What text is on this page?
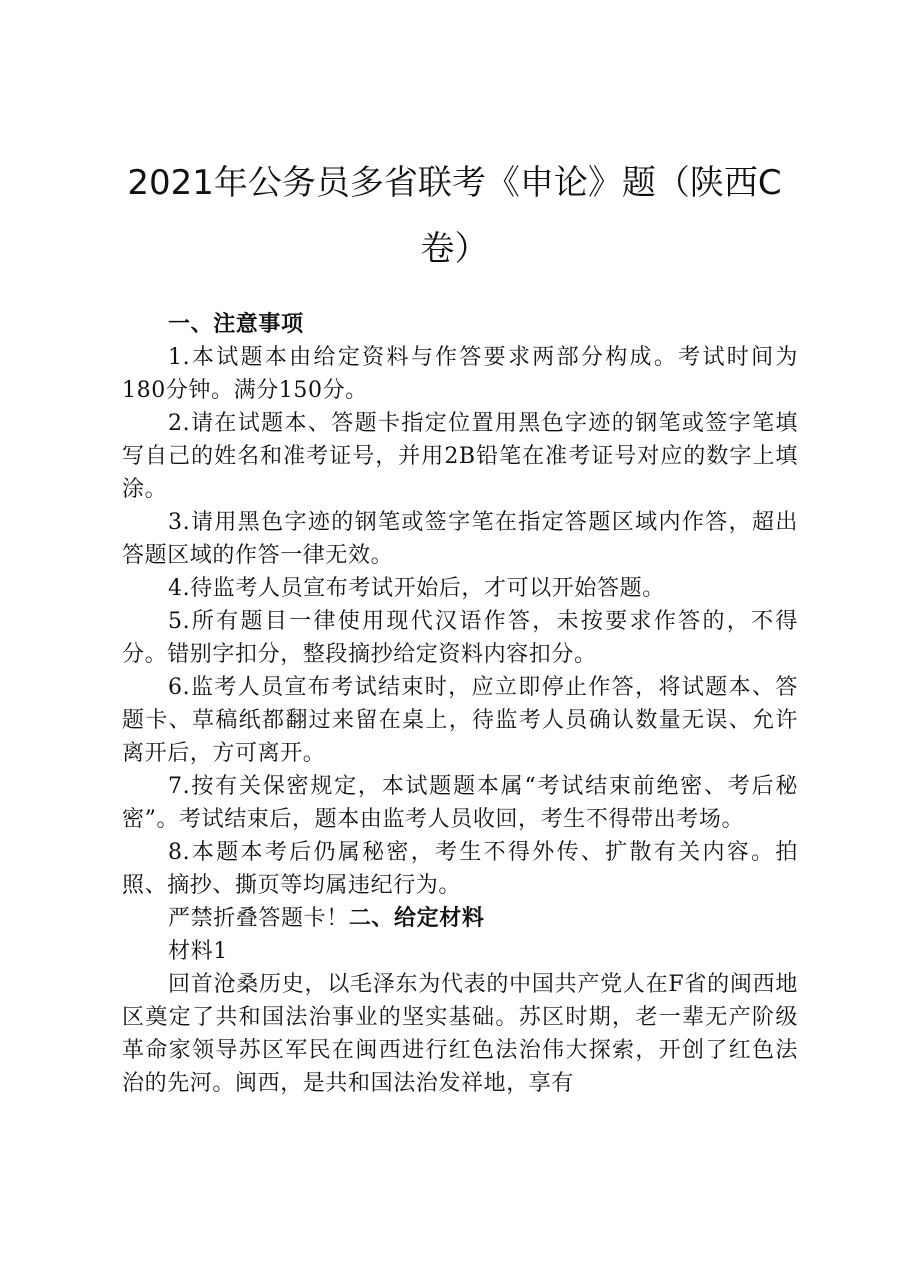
2021年公务员多省联考《申论》题（陕西C
卷）

一、注意事项

1.本试题本由给定资料与作答要求两部分构成。考试时间为180分钟。满分150分。

2.请在试题本、答题卡指定位置用黑色字迹的钢笔或签字笔填写自己的姓名和准考证号，并用2B铅笔在准考证号对应的数字上填涂。

3.请用黑色字迹的钢笔或签字笔在指定答题区域内作答，超出答题区域的作答一律无效。

4.待监考人员宣布考试开始后，才可以开始答题。

5.所有题目一律使用现代汉语作答，未按要求作答的，不得分。错别字扣分，整段摘抄给定资料内容扣分。

6.监考人员宣布考试结束时，应立即停止作答，将试题本、答题卡、草稿纸都翻过来留在桌上，待监考人员确认数量无误、允许离开后，方可离开。

7.按有关保密规定，本试题题本属“考试结束前绝密、考后秘密”。考试结束后，题本由监考人员收回，考生不得带出考场。

8.本题本考后仍属秘密，考生不得外传、扩散有关内容。拍照、摘抄、撕页等均属违纪行为。

严禁折叠答题卡！二、给定材料

材料1

回首沧桑历史，以毛泽东为代表的中国共产党人在F省的闽西地区奠定了共和国法治事业的坚实基础。苏区时期，老一辈无产阶级革命家领导苏区军民在闽西进行红色法治伟大探索，开创了红色法治的先河。闽西，是共和国法治发祥地，享有
